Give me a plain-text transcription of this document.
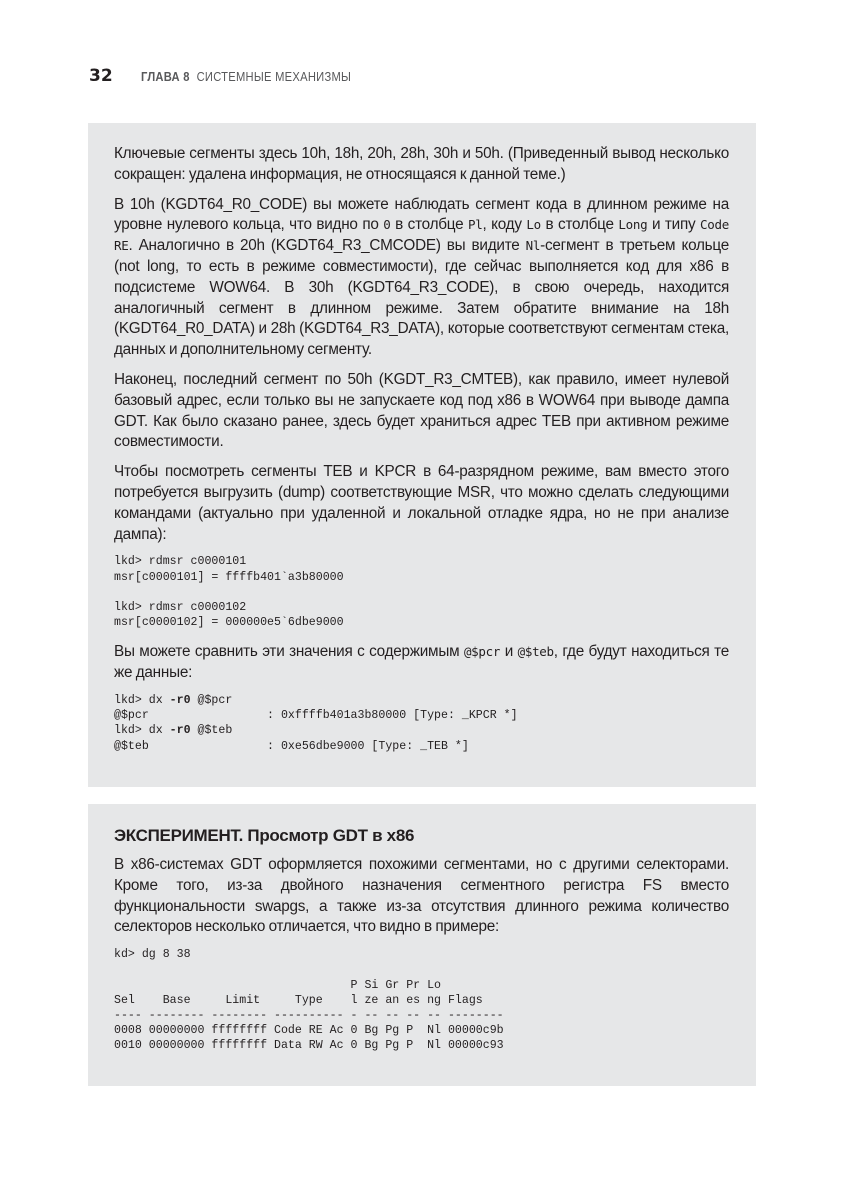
32 ГЛАВА 8 СИСТЕМНЫЕ МЕХАНИЗМЫ

Ключевые сегменты здесь 10h, 18h, 20h, 28h, 30h и 50h. (Приведенный вывод несколько сокращен: удалена информация, не относящаяся к данной теме.)

В 10h (KGDT64_R0_CODE) вы можете наблюдать сегмент кода в длинном режиме на уровне нулевого кольца, что видно по 0 в столбце Pl, коду Lo в столбце Long и типу Code RE. Аналогично в 20h (KGDT64_R3_CMCODE) вы видите Nl-сегмент в третьем кольце (not long, то есть в режиме совместимости), где сейчас выполняется код для x86 в подсистеме WOW64. В 30h (KGDT64_R3_CODE), в свою очередь, находится аналогичный сегмент в длинном режиме. Затем обратите внимание на 18h (KGDT64_R0_DATA) и 28h (KGDT64_R3_DATA), которые соответствуют сегментам стека, данных и дополнительному сегменту.

Наконец, последний сегмент по 50h (KGDT_R3_CMTEB), как правило, имеет нулевой базовый адрес, если только вы не запускаете код под x86 в WOW64 при выводе дампа GDT. Как было сказано ранее, здесь будет храниться адрес TEB при активном режиме совместимости.

Чтобы посмотреть сегменты TEB и KPCR в 64-разрядном режиме, вам вместо этого потребуется выгрузить (dump) соответствующие MSR, что можно сделать следующими командами (актуально при удаленной и локальной отладке ядра, но не при анализе дампа):

lkd> rdmsr c0000101
msr[c0000101] = ffffb401`a3b80000

lkd> rdmsr c0000102
msr[c0000102] = 000000e5`6dbe9000

Вы можете сравнить эти значения с содержимым @$pcr и @$teb, где будут находиться те же данные:

lkd> dx -r0 @$pcr
@$pcr                 : 0xffffb401a3b80000 [Type: _KPCR *]
lkd> dx -r0 @$teb
@$teb                 : 0xe56dbe9000 [Type: _TEB *]
ЭКСПЕРИМЕНТ. Просмотр GDT в x86

В x86-системах GDT оформляется похожими сегментами, но с другими селекторами. Кроме того, из-за двойного назначения сегментного регистра FS вместо функциональности swapgs, а также из-за отсутствия длинного режима количество селекторов несколько отличается, что видно в примере:

kd> dg 8 38

P Si Gr Pr Lo
Sel    Base     Limit     Type    l ze an es ng Flags
---- -------- -------- ---------- - -- -- -- -- --------
0008 00000000 ffffffff Code RE Ac 0 Bg Pg P  Nl 00000c9b
0010 00000000 ffffffff Data RW Ac 0 Bg Pg P  Nl 00000c93
